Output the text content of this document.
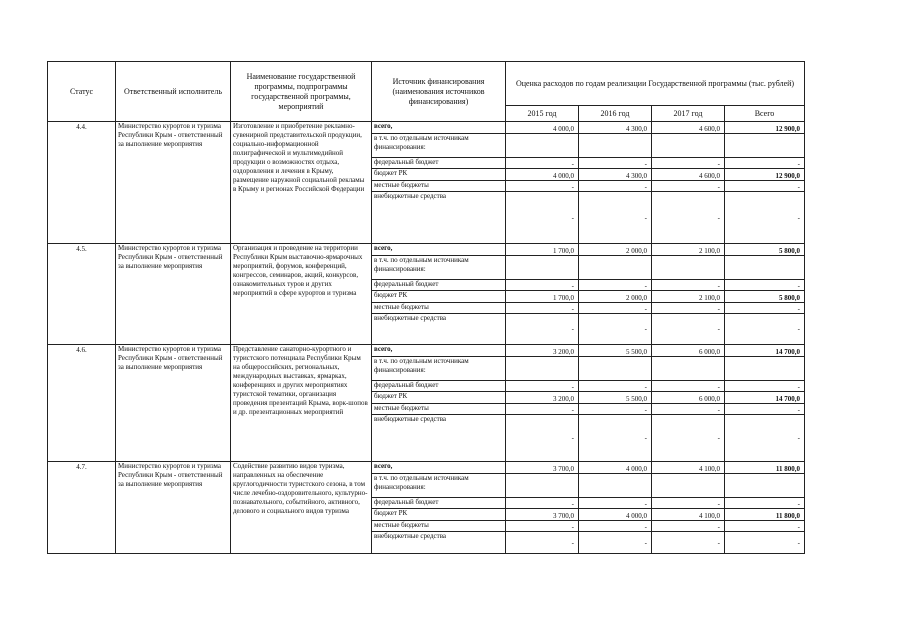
Статус	Ответственный исполнитель	Наименование государственной программы, подпрограммы государственной программы, мероприятий	Источник финансирования (наименования источников финансирования)	Оценка расходов по годам реализации Государственной программы (тыс. рублей)			
				2015 год	2016 год	2017 год	Всего
4.4.	Министерство курортов и туризма Республики Крым - ответственный за выполнение мероприятия	Изготовление и приобретение рекламно-сувенирной представительской продукции, социально-информационной полиграфической и мультимедийной продукции о возможностях отдыха, оздоровления и лечения в Крыму, размещение наружной социальной рекламы в Крыму и регионах Российской Федерации	всего,	4 000,0	4 300,0	4 600,0	12 900,0
			в т.ч. по отдельным источникам финансирования:				
			федеральный бюджет	-	-	-	-
			бюджет РК	4 000,0	4 300,0	4 600,0	12 900,0
			местные бюджеты	-	-	-	-
			внебюджетные средства	-	-	-	-
4.5.	Министерство курортов и туризма Республики Крым - ответственный за выполнение мероприятия	Организация и проведение на территории Республики Крым выставочно-ярмарочных мероприятий, форумов, конференций, конгрессов, семинаров, акций, конкурсов, ознакомительных туров и других мероприятий в сфере курортов и туризма	всего,	1 700,0	2 000,0	2 100,0	5 800,0
			в т.ч. по отдельным источникам финансирования:				
			федеральный бюджет	-	-	-	-
			бюджет РК	1 700,0	2 000,0	2 100,0	5 800,0
			местные бюджеты	-	-	-	-
			внебюджетные средства	-	-	-	-
4.6.	Министерство курортов и туризма Республики Крым - ответственный за выполнение мероприятия	Представление санаторно-курортного и туристского потенциала Республики Крым на общероссийских, региональных, международных выставках, ярмарках, конференциях и других мероприятиях туристской тематики, организация проведения презентаций Крыма, ворк-шопов и др. презентационных мероприятий	всего,	3 200,0	5 500,0	6 000,0	14 700,0
			в т.ч. по отдельным источникам финансирования:				
			федеральный бюджет	-	-	-	-
			бюджет РК	3 200,0	5 500,0	6 000,0	14 700,0
			местные бюджеты	-	-	-	-
			внебюджетные средства	-	-	-	-
4.7.	Министерство курортов и туризма Республики Крым - ответственный за выполнение мероприятия	Содействие развитию видов туризма, направленных на обеспечение круглогодичности туристского сезона, в том числе лечебно-оздоровительного, культурно-познавательного, событийного, активного, делового и социального видов туризма	всего,	3 700,0	4 000,0	4 100,0	11 800,0
			в т.ч. по отдельным источникам финансирования:				
			федеральный бюджет	-	-	-	-
			бюджет РК	3 700,0	4 000,0	4 100,0	11 800,0
			местные бюджеты	-	-	-	-
			внебюджетные средства	-	-	-	-
